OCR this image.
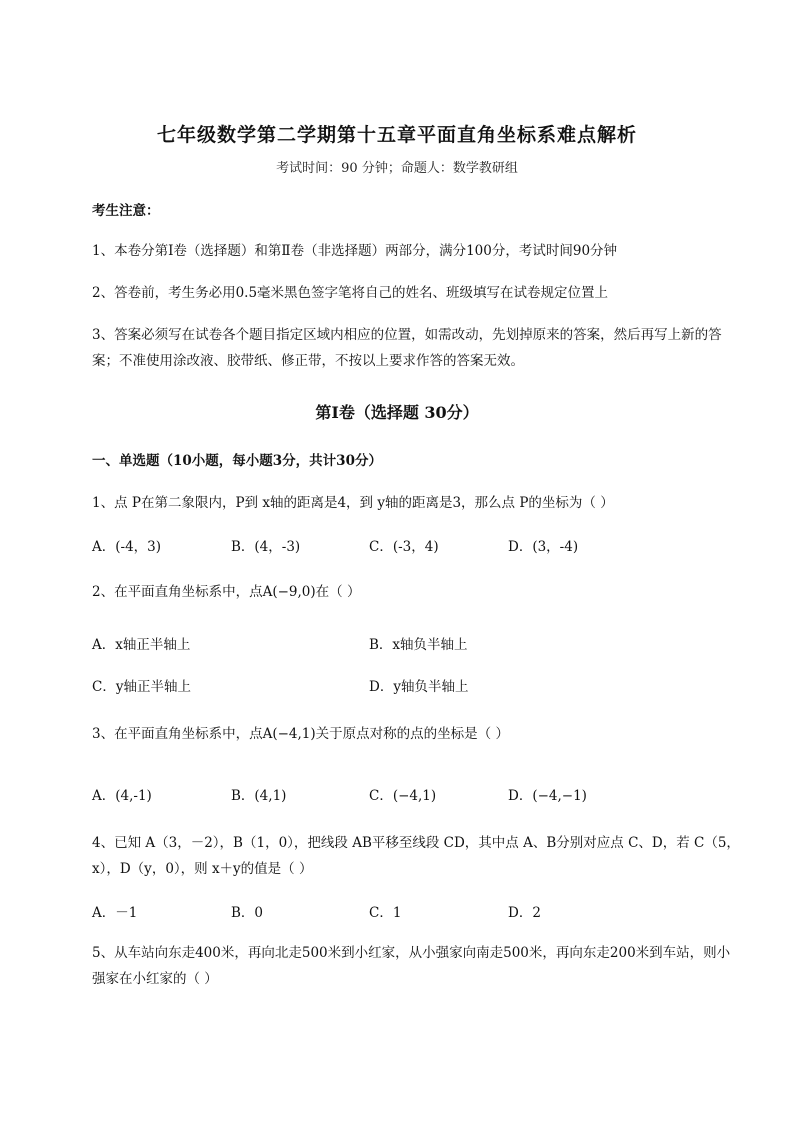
七年级数学第二学期第十五章平面直角坐标系难点解析
考试时间：90 分钟；命题人：数学教研组
考生注意：
1、本卷分第Ⅰ卷（选择题）和第Ⅱ卷（非选择题）两部分，满分100分，考试时间90分钟
2、答卷前，考生务必用0.5毫米黑色签字笔将自己的姓名、班级填写在试卷规定位置上
3、答案必须写在试卷各个题目指定区域内相应的位置，如需改动，先划掉原来的答案，然后再写上新的答案；不准使用涂改液、胶带纸、修正带，不按以上要求作答的答案无效。
第Ⅰ卷（选择题 30分）
一、单选题（10小题，每小题3分，共计30分）
1、点 P在第二象限内，P到 x轴的距离是4，到 y轴的距离是3，那么点 P的坐标为（ ）
A．(-4，3)	B．(4，-3)	C．(-3，4)	D．(3，-4)
2、在平面直角坐标系中，点A(−9,0)在（ ）
A．x轴正半轴上	B．x轴负半轴上
C．y轴正半轴上	D．y轴负半轴上
3、在平面直角坐标系中，点A(−4,1)关于原点对称的点的坐标是（ ）
A．(4,-1)	B．(4,1)	C．(−4,1)	D．(−4,−1)
4、已知 A（3，－2），B（1，0），把线段 AB平移至线段 CD，其中点 A、B分别对应点 C、D，若 C（5，x），D（y，0），则 x＋y的值是（ ）
A．－1	B．0	C．1	D．2
5、从车站向东走400米，再向北走500米到小红家，从小强家向南走500米，再向东走200米到车站，则小强家在小红家的（ ）
